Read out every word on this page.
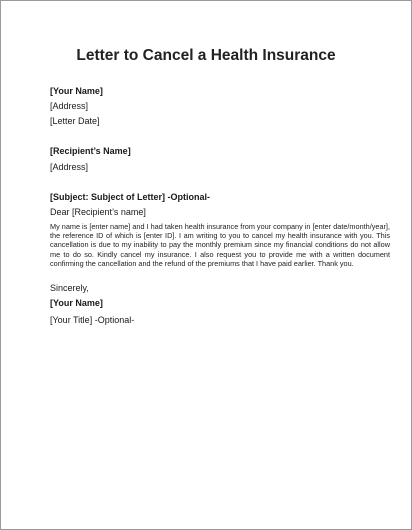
Letter to Cancel a Health Insurance
[Your Name]
[Address]
[Letter Date]
[Recipient’s Name]
[Address]
[Subject: Subject of Letter] -Optional-
Dear [Recipient’s name]
My name is [enter name] and I had taken health insurance from your company in [enter date/month/year], the reference ID of which is [enter ID]. I am writing to you to cancel my health insurance with you. This cancellation is due to my inability to pay the monthly premium since my financial conditions do not allow me to do so. Kindly cancel my insurance. I also request you to provide me with a written document confirming the cancellation and the refund of the premiums that I have paid earlier. Thank you.
Sincerely,
[Your Name]
[Your Title] -Optional-
